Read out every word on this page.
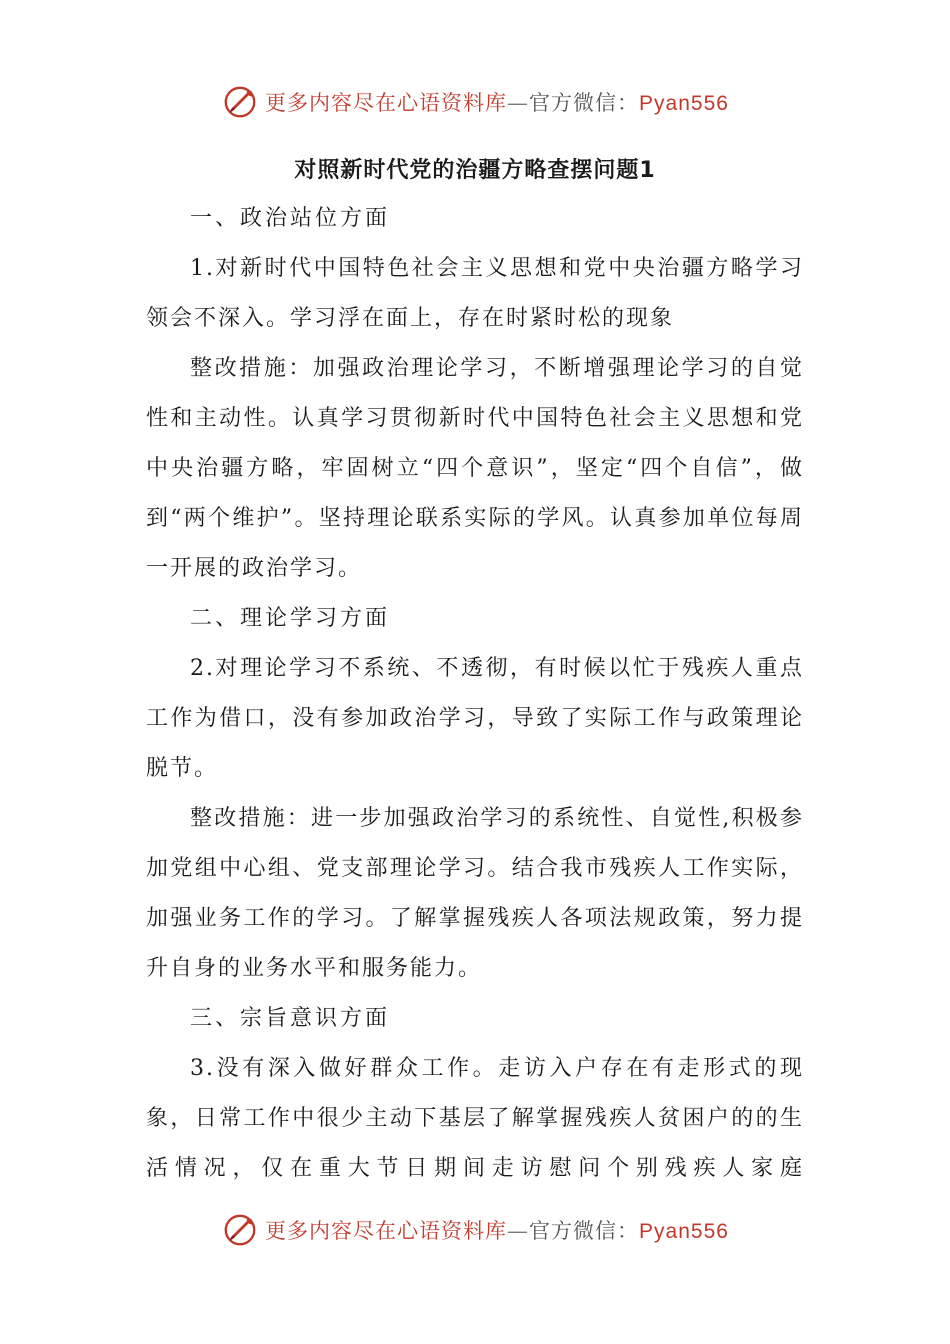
更多内容尽在心语资料库—官方微信：Pyan556
对照新时代党的治疆方略查摆问题1

一、政治站位方面

1.对新时代中国特色社会主义思想和党中央治疆方略学习领会不深入。学习浮在面上，存在时紧时松的现象

整改措施：加强政治理论学习，不断增强理论学习的自觉性和主动性。认真学习贯彻新时代中国特色社会主义思想和党中央治疆方略，牢固树立“四个意识”，坚定“四个自信”，做到“两个维护”。坚持理论联系实际的学风。认真参加单位每周一开展的政治学习。

二、理论学习方面

2.对理论学习不系统、不透彻，有时候以忙于残疾人重点工作为借口，没有参加政治学习，导致了实际工作与政策理论脱节。

整改措施：进一步加强政治学习的系统性、自觉性,积极参加党组中心组、党支部理论学习。结合我市残疾人工作实际，加强业务工作的学习。了解掌握残疾人各项法规政策，努力提升自身的业务水平和服务能力。

三、宗旨意识方面

3.没有深入做好群众工作。走访入户存在有走形式的现象，日常工作中很少主动下基层了解掌握残疾人贫困户的的生活情况，仅在重大节日期间走访慰问个别残疾人家庭

更多内容尽在心语资料库—官方微信：Pyan556
